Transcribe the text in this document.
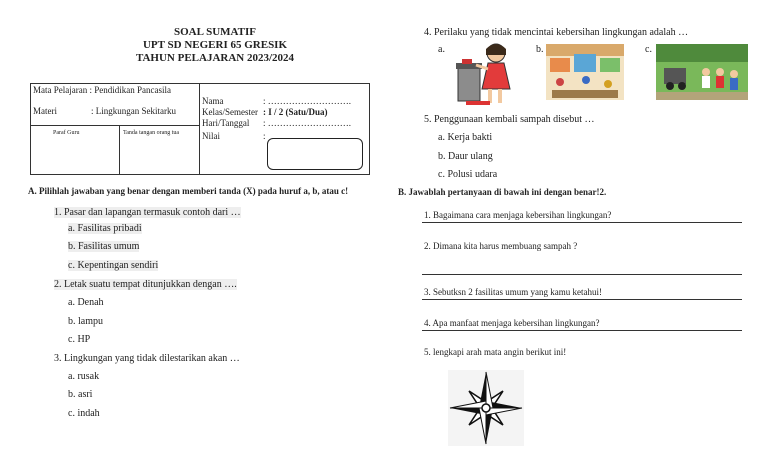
SOAL SUMATIF
UPT SD NEGERI 65 GRESIK
TAHUN PELAJARAN 2023/2024
Mata Pelajaran : Pendidikan Pancasila
Materi	: Lingkungan Sekitarku
Paraf Guru	Tanda tangan orang tua
Nama	: ……………………….
Kelas/Semester : I / 2 (Satu/Dua)
Hari/Tanggal : ……………………….
Nilai	:
A. Pilihlah jawaban yang benar dengan memberi tanda (X) pada huruf a, b, atau c!
1. Pasar dan lapangan termasuk contoh dari …
a. Fasilitas pribadi
b. Fasilitas umum
c. Kepentingan sendiri
2. Letak suatu tempat ditunjukkan dengan ….
a. Denah
b. lampu
c. HP
3. Lingkungan yang tidak dilestarikan akan …
a. rusak
b. asri
c. indah
4. Perilaku yang tidak mencintai kebersihan lingkungan adalah …
a.	b.	c.
5. Penggunaan kembali sampah disebut …
a. Kerja bakti
b. Daur ulang
c. Polusi udara
B. Jawablah pertanyaan di bawah ini dengan benar!2.
1. Bagaimana cara menjaga kebersihan lingkungan?
2. Dimana kita harus membuang sampah ?
3. Sebutksn 2 fasilitas umum yang kamu ketahui!
4. Apa manfaat menjaga kebersihan lingkungan?
5. lengkapi arah mata angin berikut ini!
